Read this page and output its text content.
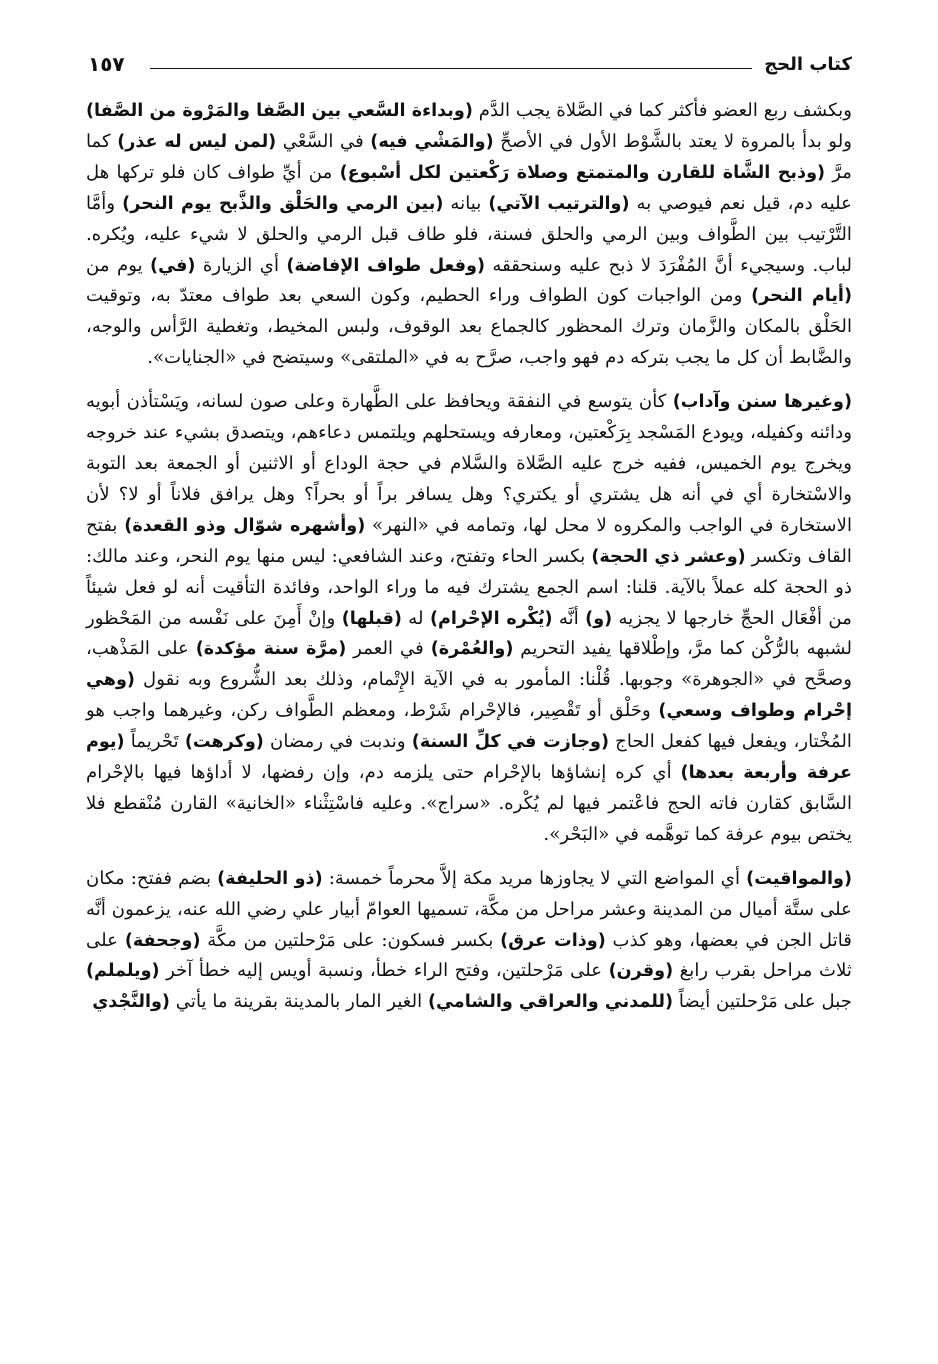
كتاب الحج
١٥٧

وبكشف ربع العضو فأكثر كما في الصَّلاة يجب الدَّم (وبداءة السَّعي بين الصَّفا والمَرْوة من الصَّفا) ولو بدأ بالمروة لا يعتد بالشَّوْط الأول في الأصحِّ (والمَشْي فيه) في السَّعْي (لمن ليس له عذر) كما مرَّ (وذبح الشَّاة للقارن والمتمتع وصلاة رَكْعتين لكل أسْبوع) من أيِّ طواف كان فلو تركها هل عليه دم، قيل نعم فيوصي به (والترتيب الآتي) بيانه (بين الرمي والحَلْق والذَّبح يوم النحر) وأمَّا التَّرْتيب بين الطَّواف وبين الرمي والحلق فسنة، فلو طاف قبل الرمي والحلق لا شيء عليه، ويُكره. لباب. وسيجيء أنَّ المُفْرَدَ لا ذبح عليه وسنحققه (وفعل طواف الإفاضة) أي الزيارة (في) يوم من (أيام النحر) ومن الواجبات كون الطواف وراء الحطيم، وكون السعي بعد طواف معتدّ به، وتوقيت الحَلْق بالمكان والزَّمان وترك المحظور كالجماع بعد الوقوف، ولبس المخيط، وتغطية الرَّأس والوجه، والضَّابط أن كل ما يجب بتركه دم فهو واجب، صرَّح به في «الملتقى» وسيتضح في «الجنايات».

(وغيرها سنن وآداب) كأن يتوسع في النفقة ويحافظ على الطَّهارة وعلى صون لسانه، ويَسْتأذن أبويه ودائنه وكفيله، ويودع المَسْجد بِرَكْعتين، ومعارفه ويستحلهم ويلتمس دعاءهم، ويتصدق بشيء عند خروجه ويخرج يوم الخميس، ففيه خرج عليه الصَّلاة والسَّلام في حجة الوداع أو الاثنين أو الجمعة بعد التوبة والاسْتخارة أي في أنه هل يشتري أو يكتري؟ وهل يسافر براً أو بحراً؟ وهل يرافق فلاناً أو لا؟ لأن الاستخارة في الواجب والمكروه لا محل لها، وتمامه في «النهر» (وأشهره شوّال وذو القعدة) بفتح القاف وتكسر (وعشر ذي الحجة) بكسر الحاء وتفتح، وعند الشافعي: ليس منها يوم النحر، وعند مالك: ذو الحجة كله عملاً بالآية. قلنا: اسم الجمع يشترك فيه ما وراء الواحد، وفائدة التأقيت أنه لو فعل شيئاً من أفْعَال الحجِّ خارجها لا يجزيه (و) أنَّه (يُكْره الإحْرام) له (قبلها) وإنْ أَمِنَ على نَفْسه من المَحْظور لشبهه بالرُّكْن كما مرَّ، وإطْلاقها يفيد التحريم (والعُمْرة) في العمر (مرَّة سنة مؤكدة) على المَذْهب، وصحَّح في «الجوهرة» وجوبها. قُلْنا: المأمور به في الآية الإِتْمام، وذلك بعد الشُّروع وبه نقول (وهي إحْرام وطواف وسعي) وحَلْق أو تَقْصِير، فالإحْرام شَرْط، ومعظم الطَّواف ركن، وغيرهما واجب هو المُخْتار، ويفعل فيها كفعل الحاج (وجازت في كلِّ السنة) وندبت في رمضان (وكرهت) تَحْريماً (يوم عرفة وأربعة بعدها) أي كره إنشاؤها بالإحْرام حتى يلزمه دم، وإن رفضها، لا أداؤها فيها بالإحْرام السَّابق كقارن فاته الحج فاعْتمر فيها لم يُكْره. «سراج». وعليه فاسْتِثْناء «الخانية» القارن مُنْقطع فلا يختص بيوم عرفة كما توهَّمه في «البَحْر».

(والمواقيت) أي المواضع التي لا يجاوزها مريد مكة إلاَّ محرماً خمسة: (ذو الحليفة) بضم ففتح: مكان على ستَّة أميال من المدينة وعشر مراحل من مكَّة، تسميها العوامّ أبيار علي رضي الله عنه، يزعمون أنَّه قاتل الجن في بعضها، وهو كذب (وذات عرق) بكسر فسكون: على مَرْحلتين من مكَّة (وجحفة) على ثلاث مراحل بقرب رابغ (وقرن) على مَرْحلتين، وفتح الراء خطأ، ونسبة أويس إليه خطأ آخر (ويلملم) جبل على مَرْحلتين أيضاً (للمدني والعراقي والشامي) الغير المار بالمدينة بقرينة ما يأتي (والنَّجْدي
